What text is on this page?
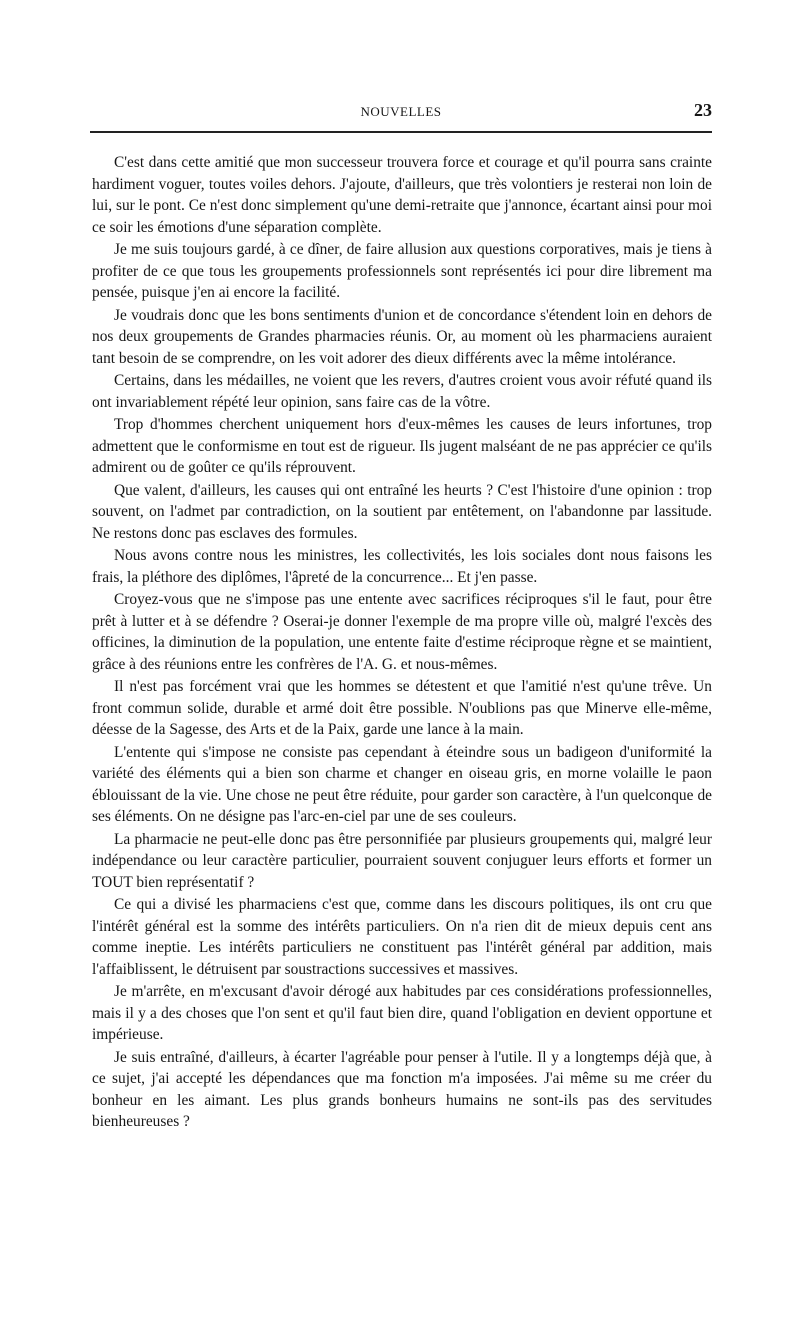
NOUVELLES	23

C'est dans cette amitié que mon successeur trouvera force et courage et qu'il pourra sans crainte hardiment voguer, toutes voiles dehors. J'ajoute, d'ailleurs, que très volontiers je resterai non loin de lui, sur le pont. Ce n'est donc simplement qu'une demi-retraite que j'annonce, écartant ainsi pour moi ce soir les émotions d'une séparation complète.

Je me suis toujours gardé, à ce dîner, de faire allusion aux questions corporatives, mais je tiens à profiter de ce que tous les groupements professionnels sont représentés ici pour dire librement ma pensée, puisque j'en ai encore la facilité.

Je voudrais donc que les bons sentiments d'union et de concordance s'étendent loin en dehors de nos deux groupements de Grandes pharmacies réunis. Or, au moment où les pharmaciens auraient tant besoin de se comprendre, on les voit adorer des dieux différents avec la même intolérance.

Certains, dans les médailles, ne voient que les revers, d'autres croient vous avoir réfuté quand ils ont invariablement répété leur opinion, sans faire cas de la vôtre.

Trop d'hommes cherchent uniquement hors d'eux-mêmes les causes de leurs infortunes, trop admettent que le conformisme en tout est de rigueur. Ils jugent malséant de ne pas apprécier ce qu'ils admirent ou de goûter ce qu'ils réprouvent.

Que valent, d'ailleurs, les causes qui ont entraîné les heurts ? C'est l'histoire d'une opinion : trop souvent, on l'admet par contradiction, on la soutient par entêtement, on l'abandonne par lassitude. Ne restons donc pas esclaves des formules.

Nous avons contre nous les ministres, les collectivités, les lois sociales dont nous faisons les frais, la pléthore des diplômes, l'âpreté de la concurrence... Et j'en passe.

Croyez-vous que ne s'impose pas une entente avec sacrifices réciproques s'il le faut, pour être prêt à lutter et à se défendre ? Oserai-je donner l'exemple de ma propre ville où, malgré l'excès des officines, la diminution de la population, une entente faite d'estime réciproque règne et se maintient, grâce à des réunions entre les confrères de l'A. G. et nous-mêmes.

Il n'est pas forcément vrai que les hommes se détestent et que l'amitié n'est qu'une trêve. Un front commun solide, durable et armé doit être possible. N'oublions pas que Minerve elle-même, déesse de la Sagesse, des Arts et de la Paix, garde une lance à la main.

L'entente qui s'impose ne consiste pas cependant à éteindre sous un badigeon d'uniformité la variété des éléments qui a bien son charme et changer en oiseau gris, en morne volaille le paon éblouissant de la vie. Une chose ne peut être réduite, pour garder son caractère, à l'un quelconque de ses éléments. On ne désigne pas l'arc-en-ciel par une de ses couleurs.

La pharmacie ne peut-elle donc pas être personnifiée par plusieurs groupements qui, malgré leur indépendance ou leur caractère particulier, pourraient souvent conjuguer leurs efforts et former un TOUT bien représentatif ?

Ce qui a divisé les pharmaciens c'est que, comme dans les discours politiques, ils ont cru que l'intérêt général est la somme des intérêts particuliers. On n'a rien dit de mieux depuis cent ans comme ineptie. Les intérêts particuliers ne constituent pas l'intérêt général par addition, mais l'affaiblissent, le détruisent par soustractions successives et massives.

Je m'arrête, en m'excusant d'avoir dérogé aux habitudes par ces considérations professionnelles, mais il y a des choses que l'on sent et qu'il faut bien dire, quand l'obligation en devient opportune et impérieuse.

Je suis entraîné, d'ailleurs, à écarter l'agréable pour penser à l'utile. Il y a longtemps déjà que, à ce sujet, j'ai accepté les dépendances que ma fonction m'a imposées. J'ai même su me créer du bonheur en les aimant. Les plus grands bonheurs humains ne sont-ils pas des servitudes bienheureuses ?
